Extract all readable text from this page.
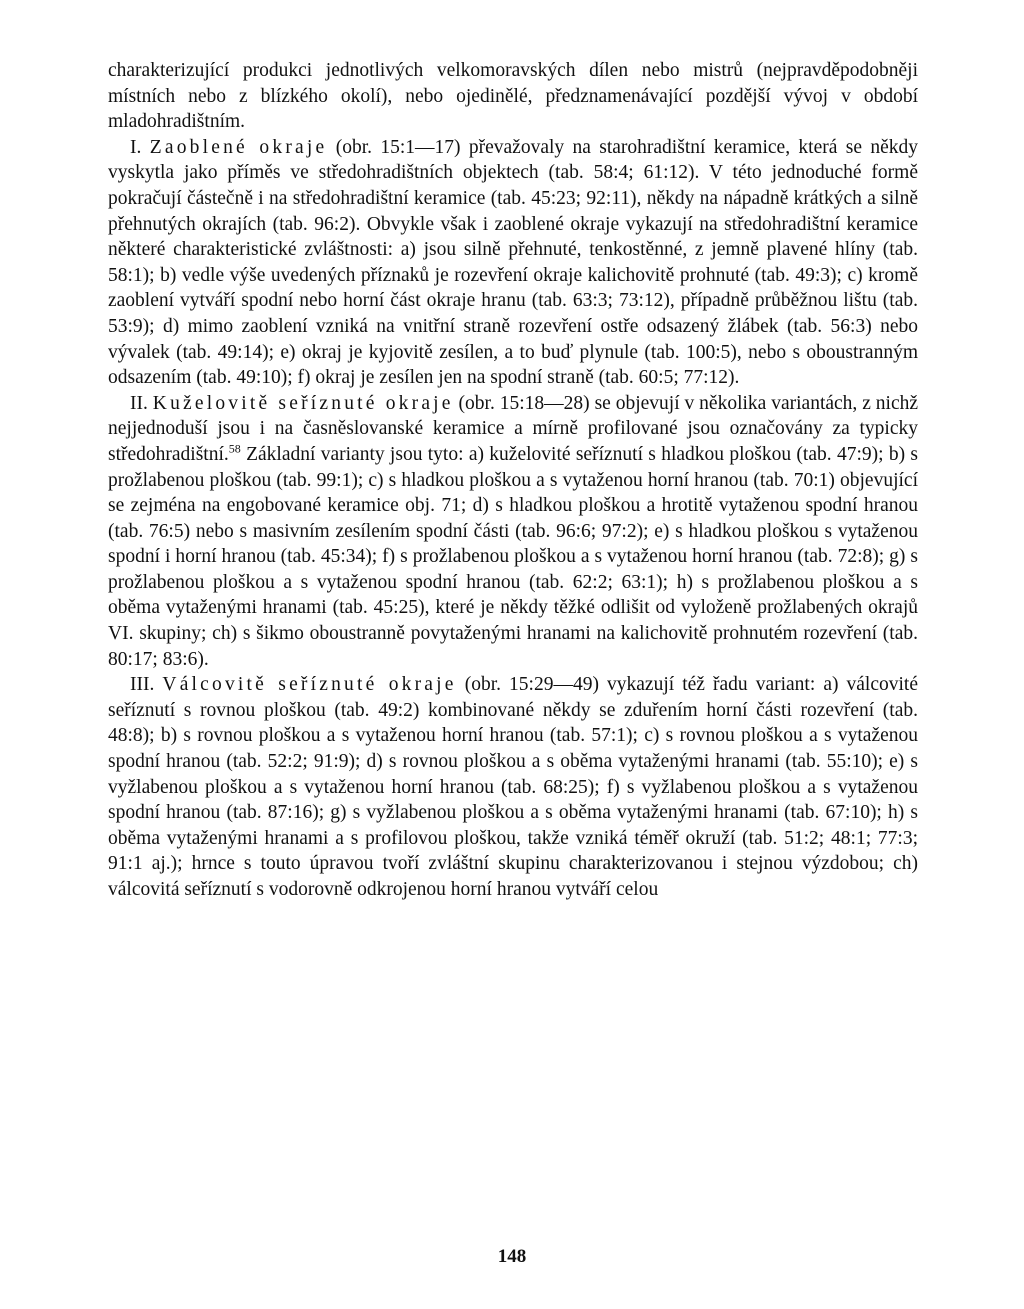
charakterizující produkci jednotlivých velkomoravských dílen nebo mistrů (nejpravděpodobněji místních nebo z blízkého okolí), nebo ojedinělé, předznamenávající pozdější vývoj v období mladohradištním.

I. Zaoblené okraje (obr. 15:1—17) převažovaly na starohradištní keramice, která se někdy vyskytla jako příměs ve středohradištních objektech (tab. 58:4; 61:12). V této jednoduché formě pokračují částečně i na středohradištní keramice (tab. 45:23; 92:11), někdy na nápadně krátkých a silně přehnutých okrajích (tab. 96:2). Obvykle však i zaoblené okraje vykazují na středohradištní keramice některé charakteristické zvláštnosti: a) jsou silně přehnuté, tenkostěnné, z jemně plavené hlíny (tab. 58:1); b) vedle výše uvedených příznaků je rozevření okraje kalichovitě prohnuté (tab. 49:3); c) kromě zaoblení vytváří spodní nebo horní část okraje hranu (tab. 63:3; 73:12), případně průběžnou lištu (tab. 53:9); d) mimo zaoblení vzniká na vnitřní straně rozevření ostře odsazený žlábek (tab. 56:3) nebo vývalek (tab. 49:14); e) okraj je kyjovitě zesílen, a to buď plynule (tab. 100:5), nebo s oboustranným odsazením (tab. 49:10); f) okraj je zesílen jen na spodní straně (tab. 60:5; 77:12).

II. Kuželovitě seříznuté okraje (obr. 15:18—28) se objevují v několika variantách, z nichž nejjednoduší jsou i na časněslovanské keramice a mírně profilované jsou označovány za typicky středohradištní.$^{58}$ Základní varianty jsou tyto: a) kuželovité seříznutí s hladkou ploškou (tab. 47:9); b) s prožlabenou ploškou (tab. 99:1); c) s hladkou ploškou a s vytaženou horní hranou (tab. 70:1) objevující se zejména na engobované keramice obj. 71; d) s hladkou ploškou a hrotitě vytaženou spodní hranou (tab. 76:5) nebo s masivním zesílením spodní části (tab. 96:6; 97:2); e) s hladkou ploškou s vytaženou spodní i horní hranou (tab. 45:34); f) s prožlabenou ploškou a s vytaženou horní hranou (tab. 72:8); g) s prožlabenou ploškou a s vytaženou spodní hranou (tab. 62:2; 63:1); h) s prožlabenou ploškou a s oběma vytaženými hranami (tab. 45:25), které je někdy těžké odlišit od vyloženě prožlabených okrajů VI. skupiny; ch) s šikmo oboustranně povytaženými hranami na kalichovitě prohnutém rozevření (tab. 80:17; 83:6).

III. Válcovitě seříznuté okraje (obr. 15:29—49) vykazují též řadu variant: a) válcovité seříznutí s rovnou ploškou (tab. 49:2) kombinované někdy se zduřením horní části rozevření (tab. 48:8); b) s rovnou ploškou a s vytaženou horní hranou (tab. 57:1); c) s rovnou ploškou a s vytaženou spodní hranou (tab. 52:2; 91:9); d) s rovnou ploškou a s oběma vytaženými hranami (tab. 55:10); e) s vyžlabenou ploškou a s vytaženou horní hranou (tab. 68:25); f) s vyžlabenou ploškou a s vytaženou spodní hranou (tab. 87:16); g) s vyžlabenou ploškou a s oběma vytaženými hranami (tab. 67:10); h) s oběma vytaženými hranami a s profilovou ploškou, takže vzniká téměř okruží (tab. 51:2; 48:1; 77:3; 91:1 aj.); hrnce s touto úpravou tvoří zvláštní skupinu charakterizovanou i stejnou výzdobou; ch) válcovitá seříznutí s vodorovně odkrojenou horní hranou vytváří celou

148
